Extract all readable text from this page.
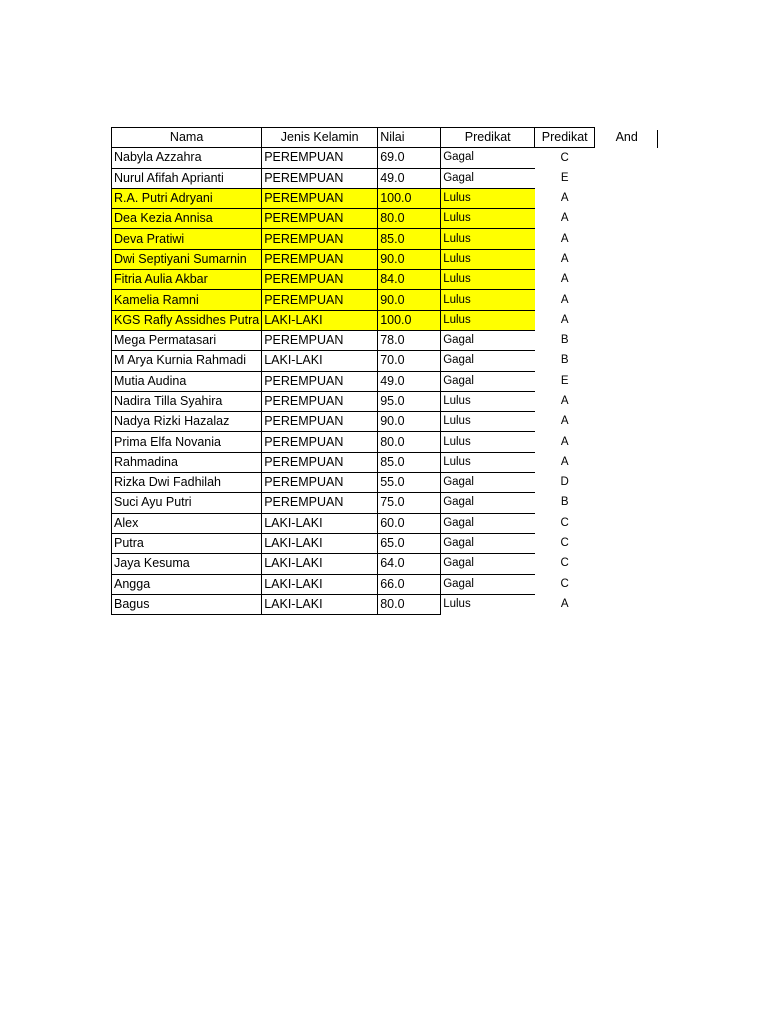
Nama	Jenis Kelamin	Nilai	Predikat	Predikat	And

Nabyla Azzahra	PEREMPUAN	69.0	Gagal	C	
Nurul Afifah Aprianti	PEREMPUAN	49.0	Gagal	E	
R.A. Putri Adryani	PEREMPUAN	100.0	Lulus	A	
Dea Kezia Annisa	PEREMPUAN	80.0	Lulus	A	
Deva Pratiwi	PEREMPUAN	85.0	Lulus	A	
Dwi Septiyani Sumarnin	PEREMPUAN	90.0	Lulus	A	
Fitria Aulia Akbar	PEREMPUAN	84.0	Lulus	A	
Kamelia Ramni	PEREMPUAN	90.0	Lulus	A	
KGS Rafly Assidhes Putra	LAKI-LAKI	100.0	Lulus	A	
Mega Permatasari	PEREMPUAN	78.0	Gagal	B	
M Arya Kurnia Rahmadi	LAKI-LAKI	70.0	Gagal	B	
Mutia Audina	PEREMPUAN	49.0	Gagal	E	
Nadira Tilla Syahira	PEREMPUAN	95.0	Lulus	A	
Nadya Rizki Hazalaz	PEREMPUAN	90.0	Lulus	A	
Prima Elfa Novania	PEREMPUAN	80.0	Lulus	A	
Rahmadina	PEREMPUAN	85.0	Lulus	A	
Rizka Dwi Fadhilah	PEREMPUAN	55.0	Gagal	D	
Suci Ayu Putri	PEREMPUAN	75.0	Gagal	B	
Alex	LAKI-LAKI	60.0	Gagal	C	
Putra	LAKI-LAKI	65.0	Gagal	C	
Jaya Kesuma	LAKI-LAKI	64.0	Gagal	C	
Angga	LAKI-LAKI	66.0	Gagal	C	
Bagus	LAKI-LAKI	80.0	Lulus	A	
